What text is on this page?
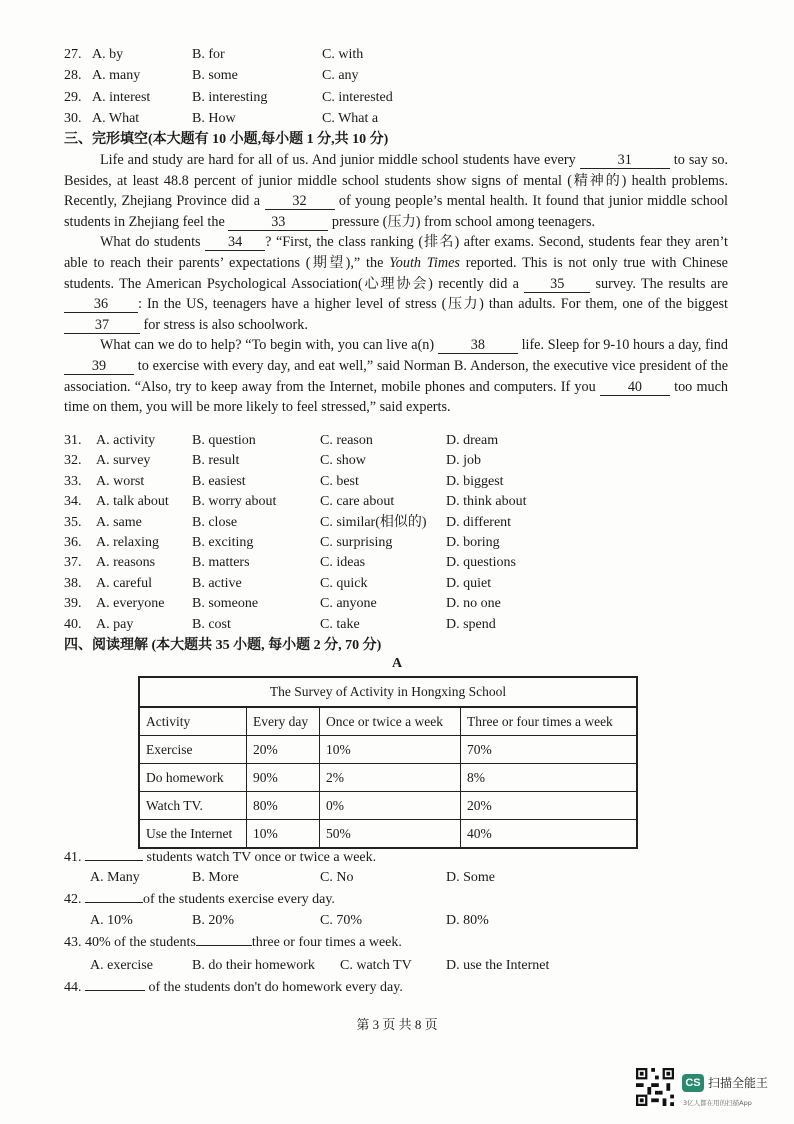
27. A. by	B. for	C. with
28. A. many	B. some	C. any
29. A. interest	B. interesting	C. interested
30. A. What	B. How	C. What a
三、完形填空(本大题有 10 小题,每小题 1 分,共 10 分)

Life and study are hard for all of us. And junior middle school students have every	31	to say so. Besides, at least 48.8 percent of junior middle school students show signs of mental (精神的) health problems. Recently, Zhejiang Province did a 32 of young people’s mental health. It found that junior middle school students in Zhejiang feel the	33	pressure (压力) from school among teenagers.

What do students 34 ? “First, the class ranking (排名) after exams. Second, students fear they aren’t able to reach their parents’ expectations (期望),” the Youth Times reported. This is not only true with Chinese students. The American Psychological Association(心理协会) recently did a 35 survey. The results are 36 : In the US, teenagers have a higher level of stress (压力) than adults. For them, one of the biggest 37 for stress is also schoolwork.

What can we do to help? “To begin with, you can live a(n) 38 life. Sleep for 9-10 hours a day, find 39 to exercise with every day, and eat well,” said Norman B. Anderson, the executive vice president of the association. “Also, try to keep away from the Internet, mobile phones and computers. If you 40 too much time on them, you will be more likely to feel stressed,” said experts.

31. A. activity	B. question	C. reason	D. dream
32. A. survey	B. result	C. show	D. job
33. A. worst	B. easiest	C. best	D. biggest
34. A. talk about B. worry about	C. care about	D. think about
35. A. same	B. close	C. similar(相似的) D. different
36. A. relaxing B. exciting	C. surprising	D. boring
37. A. reasons	B. matters	C. ideas	D. questions
38. A. careful	B. active	C. quick	D. quiet
39. A. everyone B. someone	C. anyone	D. no one
40. A. pay	B. cost	C. take	D. spend
四、阅读理解 (本大题共 35 小题, 每小题 2 分, 70 分)
A
The Survey of Activity in Hongxing School			
Activity	Every day	Once or twice a week	Three or four times a week
Exercise	20%	10%	70%
Do homework	90%	2%	8%
Watch TV.	80%	0%	20%
Use the Internet	10%	50%	40%
41.	students watch TV once or twice a week.
A. Many	B. More	C. No	D. Some
42.	of the students exercise every day.
A. 10%	B. 20%	C. 70%	D. 80%
43. 40% of the students	three or four times a week.
A. exercise	B. do their homework C. watch TV D. use the Internet
44.	of the students don't do homework every day.
第 3 页 共 8 页
CS 扫描全能王
3亿人都在用的扫描App
